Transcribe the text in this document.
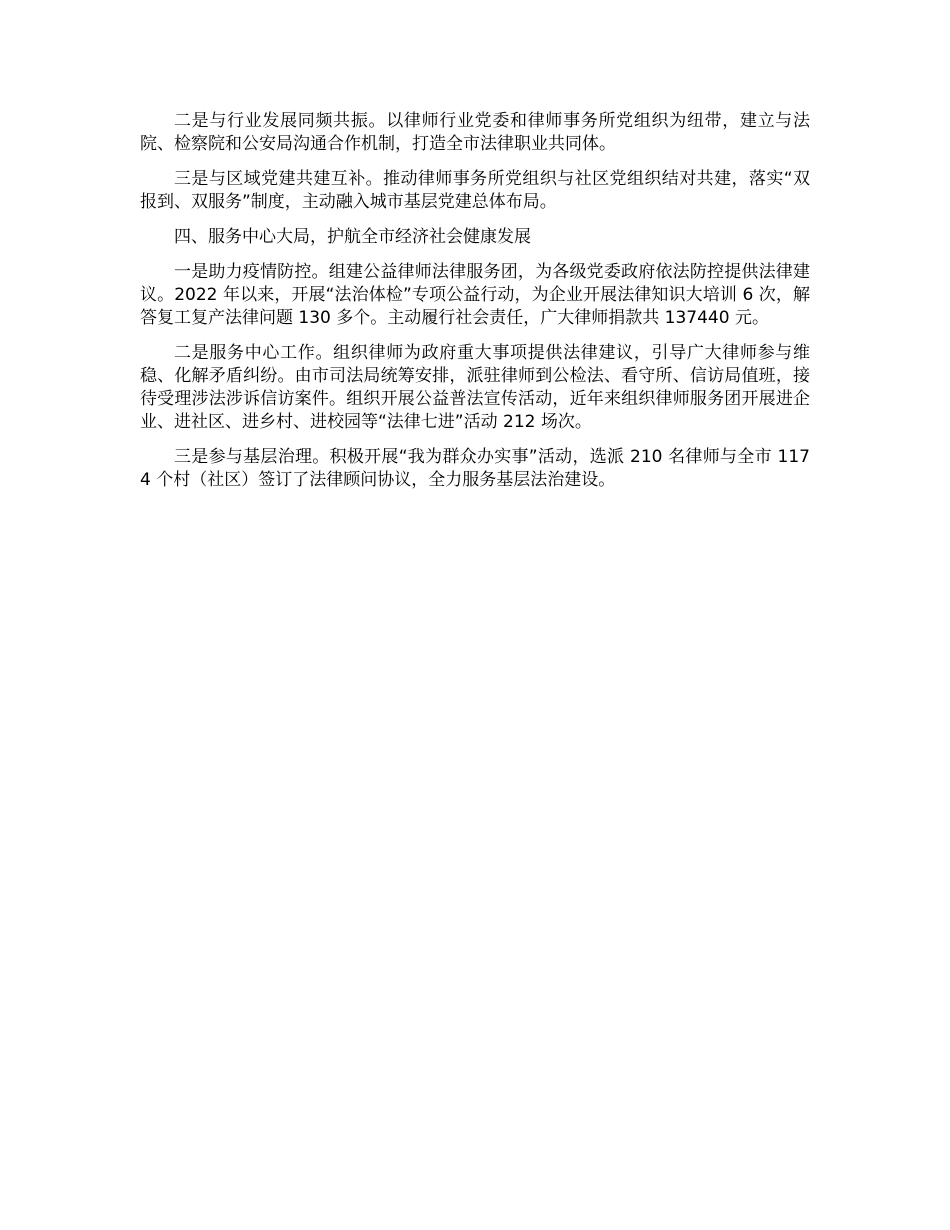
二是与行业发展同频共振。以律师行业党委和律师事务所党组织为纽带，建立与法院、检察院和公安局沟通合作机制，打造全市法律职业共同体。

三是与区域党建共建互补。推动律师事务所党组织与社区党组织结对共建，落实“双报到、双服务”制度，主动融入城市基层党建总体布局。

四、服务中心大局，护航全市经济社会健康发展

一是助力疫情防控。组建公益律师法律服务团，为各级党委政府依法防控提供法律建议。2022 年以来，开展“法治体检”专项公益行动，为企业开展法律知识大培训 6 次，解答复工复产法律问题 130 多个。主动履行社会责任，广大律师捐款共 137440 元。

二是服务中心工作。组织律师为政府重大事项提供法律建议，引导广大律师参与维稳、化解矛盾纠纷。由市司法局统筹安排，派驻律师到公检法、看守所、信访局值班，接待受理涉法涉诉信访案件。组织开展公益普法宣传活动，近年来组织律师服务团开展进企业、进社区、进乡村、进校园等“法律七进”活动 212 场次。

三是参与基层治理。积极开展“我为群众办实事”活动，选派 210 名律师与全市 1174 个村（社区）签订了法律顾问协议，全力服务基层法治建设。
